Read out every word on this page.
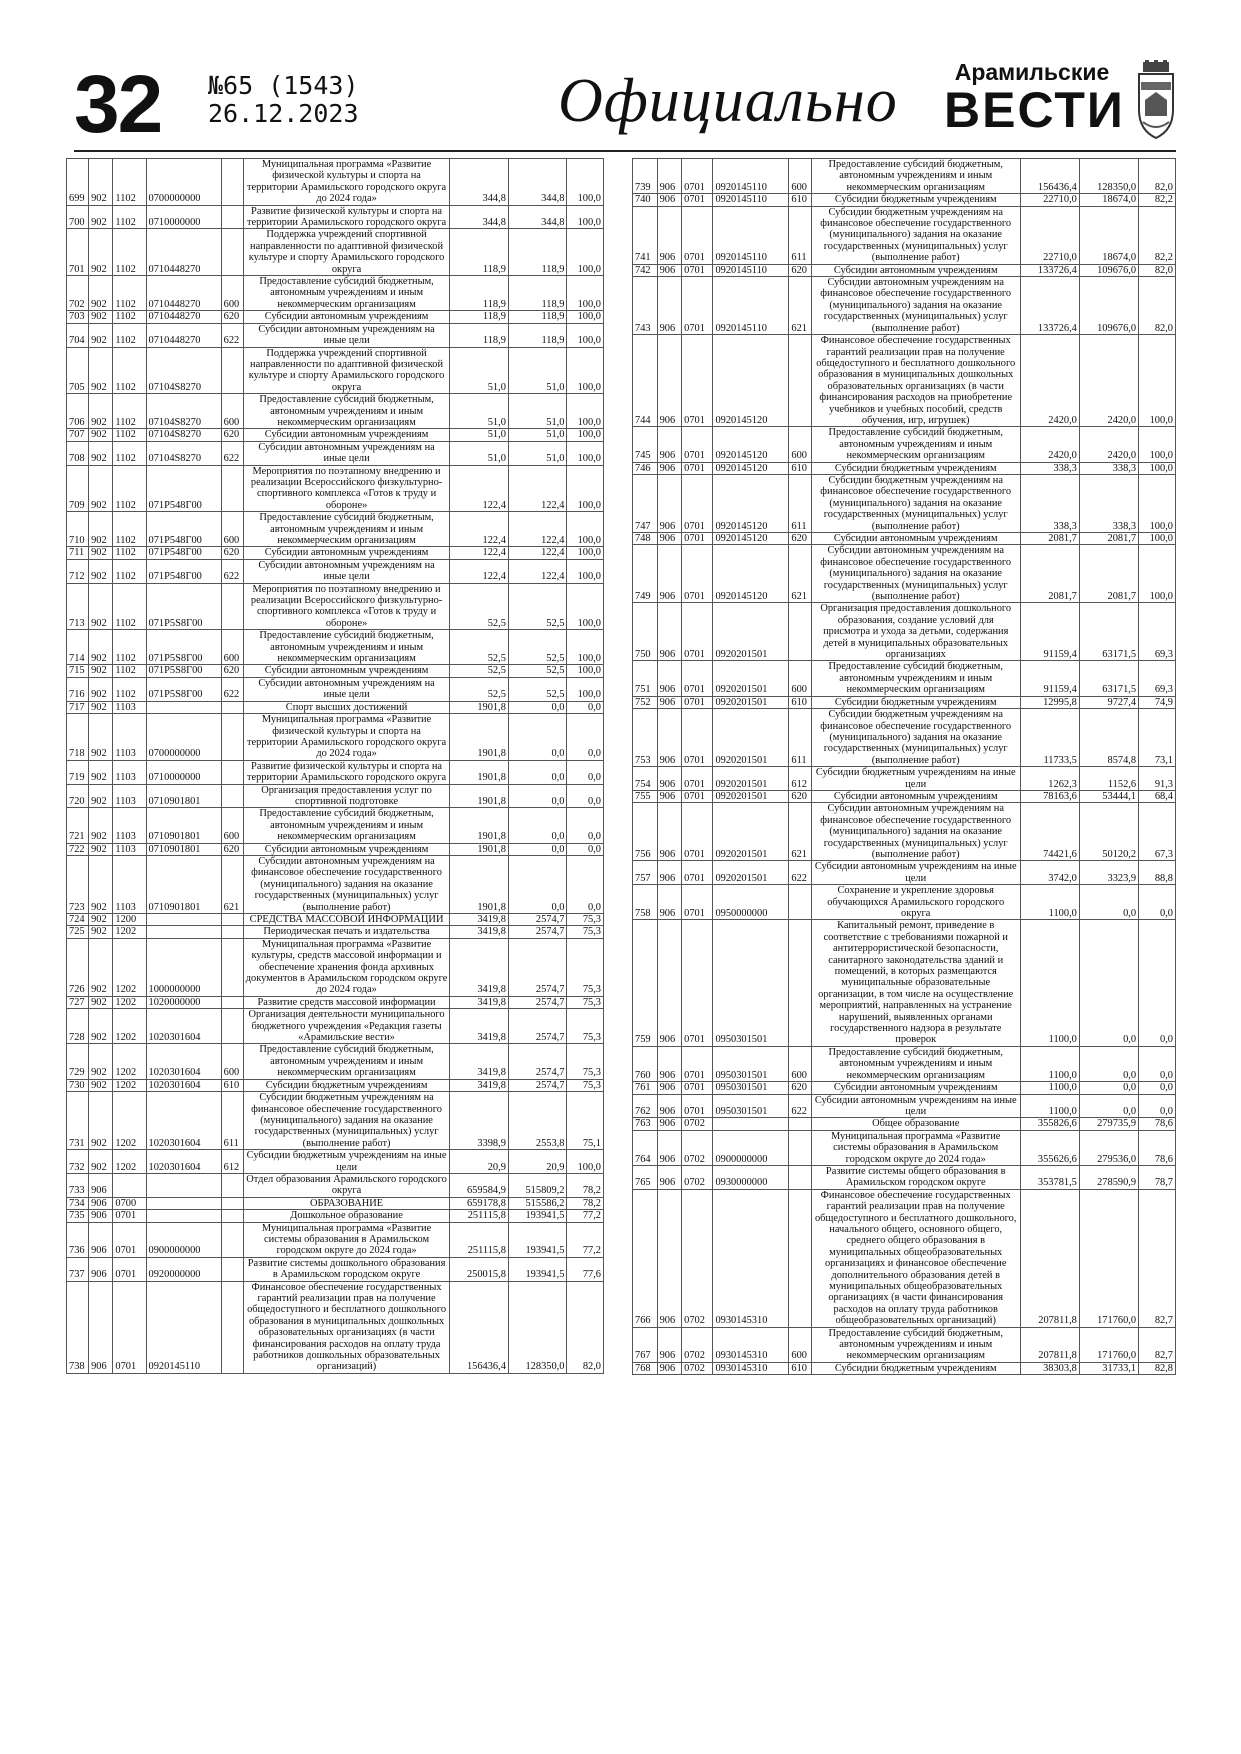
32 №65 (1543)
26.12.2023	Официально	Арамильские
ВЕСТИ
699	902	1102	0700000000		Муниципальная программа «Развитие физической культуры и спорта на территории Арамильского городского округа до 2024 года»	344,8	344,8	100,0
700	902	1102	0710000000		Развитие физической культуры и спорта на территории Арамильского городского округа	344,8	344,8	100,0
701	902	1102	0710448270		Поддержка учреждений спортивной направленности по адаптивной физической культуре и спорту Арамильского городского округа	118,9	118,9	100,0
702	902	1102	0710448270	600	Предоставление субсидий бюджетным, автономным учреждениям и иным некоммерческим организациям	118,9	118,9	100,0
703	902	1102	0710448270	620	Субсидии автономным учреждениям	118,9	118,9	100,0
704	902	1102	0710448270	622	Субсидии автономным учреждениям на иные цели	118,9	118,9	100,0
705	902	1102	07104S8270		Поддержка учреждений спортивной направленности по адаптивной физической культуре и спорту Арамильского городского округа	51,0	51,0	100,0
706	902	1102	07104S8270	600	Предоставление субсидий бюджетным, автономным учреждениям и иным некоммерческим организациям	51,0	51,0	100,0
707	902	1102	07104S8270	620	Субсидии автономным учреждениям	51,0	51,0	100,0
708	902	1102	07104S8270	622	Субсидии автономным учреждениям на иные цели	51,0	51,0	100,0
709	902	1102	071P548Г00		Мероприятия по поэтапному внедрению и реализации Всероссийского физкультурно-спортивного комплекса «Готов к труду и обороне»	122,4	122,4	100,0
710	902	1102	071P548Г00	600	Предоставление субсидий бюджетным, автономным учреждениям и иным некоммерческим организациям	122,4	122,4	100,0
711	902	1102	071P548Г00	620	Субсидии автономным учреждениям	122,4	122,4	100,0
712	902	1102	071P548Г00	622	Субсидии автономным учреждениям на иные цели	122,4	122,4	100,0
713	902	1102	071P5S8Г00		Мероприятия по поэтапному внедрению и реализации Всероссийского физкультурно-спортивного комплекса «Готов к труду и обороне»	52,5	52,5	100,0
714	902	1102	071P5S8Г00	600	Предоставление субсидий бюджетным, автономным учреждениям и иным некоммерческим организациям	52,5	52,5	100,0
715	902	1102	071P5S8Г00	620	Субсидии автономным учреждениям	52,5	52,5	100,0
716	902	1102	071P5S8Г00	622	Субсидии автономным учреждениям на иные цели	52,5	52,5	100,0
717	902	1103			Спорт высших достижений	1901,8	0,0	0,0
718	902	1103	0700000000		Муниципальная программа «Развитие физической культуры и спорта на территории Арамильского городского округа до 2024 года»	1901,8	0,0	0,0
719	902	1103	0710000000		Развитие физической культуры и спорта на территории Арамильского городского округа	1901,8	0,0	0,0
720	902	1103	0710901801		Организация предоставления услуг по спортивной подготовке	1901,8	0,0	0,0
721	902	1103	0710901801	600	Предоставление субсидий бюджетным, автономным учреждениям и иным некоммерческим организациям	1901,8	0,0	0,0
722	902	1103	0710901801	620	Субсидии автономным учреждениям	1901,8	0,0	0,0
723	902	1103	0710901801	621	Субсидии автономным учреждениям на финансовое обеспечение государственного (муниципального) задания на оказание государственных (муниципальных) услуг (выполнение работ)	1901,8	0,0	0,0
724	902	1200			СРЕДСТВА МАССОВОЙ ИНФОРМАЦИИ	3419,8	2574,7	75,3
725	902	1202			Периодическая печать и издательства	3419,8	2574,7	75,3
726	902	1202	1000000000		Муниципальная программа «Развитие культуры, средств массовой информации и обеспечение хранения фонда архивных документов в Арамильском городском округе до 2024 года»	3419,8	2574,7	75,3
727	902	1202	1020000000		Развитие средств массовой информации	3419,8	2574,7	75,3
728	902	1202	1020301604		Организация деятельности муниципального бюджетного учреждения «Редакция газеты «Арамильские вести»	3419,8	2574,7	75,3
729	902	1202	1020301604	600	Предоставление субсидий бюджетным, автономным учреждениям и иным некоммерческим организациям	3419,8	2574,7	75,3
730	902	1202	1020301604	610	Субсидии бюджетным учреждениям	3419,8	2574,7	75,3
731	902	1202	1020301604	611	Субсидии бюджетным учреждениям на финансовое обеспечение государственного (муниципального) задания на оказание государственных (муниципальных) услуг (выполнение работ)	3398,9	2553,8	75,1
732	902	1202	1020301604	612	Субсидии бюджетным учреждениям на иные цели	20,9	20,9	100,0
733	906				Отдел образования Арамильского городского округа	659584,9	515809,2	78,2
734	906	0700			ОБРАЗОВАНИЕ	659178,8	515586,2	78,2
735	906	0701			Дошкольное образование	251115,8	193941,5	77,2
736	906	0701	0900000000		Муниципальная программа «Развитие системы образования в Арамильском городском округе до 2024 года»	251115,8	193941,5	77,2
737	906	0701	0920000000		Развитие системы дошкольного образования в Арамильском городском округе	250015,8	193941,5	77,6
738	906	0701	0920145110		Финансовое обеспечение государственных гарантий реализации прав на получение общедоступного и бесплатного дошкольного образования в муниципальных дошкольных образовательных организациях (в части финансирования расходов на оплату труда работников дошкольных образовательных организаций)	156436,4	128350,0	82,0
739	906	0701	0920145110	600	Предоставление субсидий бюджетным, автономным учреждениям и иным некоммерческим организациям	156436,4	128350,0	82,0
740	906	0701	0920145110	610	Субсидии бюджетным учреждениям	22710,0	18674,0	82,2
741	906	0701	0920145110	611	Субсидии бюджетным учреждениям на финансовое обеспечение государственного (муниципального) задания на оказание государственных (муниципальных) услуг (выполнение работ)	22710,0	18674,0	82,2
742	906	0701	0920145110	620	Субсидии автономным учреждениям	133726,4	109676,0	82,0
743	906	0701	0920145110	621	Субсидии автономным учреждениям на финансовое обеспечение государственного (муниципального) задания на оказание государственных (муниципальных) услуг (выполнение работ)	133726,4	109676,0	82,0
744	906	0701	0920145120		Финансовое обеспечение государственных гарантий реализации прав на получение общедоступного и бесплатного дошкольного образования в муниципальных дошкольных образовательных организациях (в части финансирования расходов на приобретение учебников и учебных пособий, средств обучения, игр, игрушек)	2420,0	2420,0	100,0
745	906	0701	0920145120	600	Предоставление субсидий бюджетным, автономным учреждениям и иным некоммерческим организациям	2420,0	2420,0	100,0
746	906	0701	0920145120	610	Субсидии бюджетным учреждениям	338,3	338,3	100,0
747	906	0701	0920145120	611	Субсидии бюджетным учреждениям на финансовое обеспечение государственного (муниципального) задания на оказание государственных (муниципальных) услуг (выполнение работ)	338,3	338,3	100,0
748	906	0701	0920145120	620	Субсидии автономным учреждениям	2081,7	2081,7	100,0
749	906	0701	0920145120	621	Субсидии автономным учреждениям на финансовое обеспечение государственного (муниципального) задания на оказание государственных (муниципальных) услуг (выполнение работ)	2081,7	2081,7	100,0
750	906	0701	0920201501		Организация предоставления дошкольного образования, создание условий для присмотра и ухода за детьми, содержания детей в муниципальных образовательных организациях	91159,4	63171,5	69,3
751	906	0701	0920201501	600	Предоставление субсидий бюджетным, автономным учреждениям и иным некоммерческим организациям	91159,4	63171,5	69,3
752	906	0701	0920201501	610	Субсидии бюджетным учреждениям	12995,8	9727,4	74,9
753	906	0701	0920201501	611	Субсидии бюджетным учреждениям на финансовое обеспечение государственного (муниципального) задания на оказание государственных (муниципальных) услуг (выполнение работ)	11733,5	8574,8	73,1
754	906	0701	0920201501	612	Субсидии бюджетным учреждениям на иные цели	1262,3	1152,6	91,3
755	906	0701	0920201501	620	Субсидии автономным учреждениям	78163,6	53444,1	68,4
756	906	0701	0920201501	621	Субсидии автономным учреждениям на финансовое обеспечение государственного (муниципального) задания на оказание государственных (муниципальных) услуг (выполнение работ)	74421,6	50120,2	67,3
757	906	0701	0920201501	622	Субсидии автономным учреждениям на иные цели	3742,0	3323,9	88,8
758	906	0701	0950000000		Сохранение и укрепление здоровья обучающихся Арамильского городского округа	1100,0	0,0	0,0
759	906	0701	0950301501		Капитальный ремонт, приведение в соответствие с требованиями пожарной и антитеррористической безопасности, санитарного законодательства зданий и помещений, в которых размещаются муниципальные образовательные организации, в том числе на осуществление мероприятий, направленных на устранение нарушений, выявленных органами государственного надзора в результате проверок	1100,0	0,0	0,0
760	906	0701	0950301501	600	Предоставление субсидий бюджетным, автономным учреждениям и иным некоммерческим организациям	1100,0	0,0	0,0
761	906	0701	0950301501	620	Субсидии автономным учреждениям	1100,0	0,0	0,0
762	906	0701	0950301501	622	Субсидии автономным учреждениям на иные цели	1100,0	0,0	0,0
763	906	0702			Общее образование	355826,6	279735,9	78,6
764	906	0702	0900000000		Муниципальная программа «Развитие системы образования в Арамильском городском округе до 2024 года»	355626,6	279536,0	78,6
765	906	0702	0930000000		Развитие системы общего образования в Арамильском городском округе	353781,5	278590,9	78,7
766	906	0702	0930145310		Финансовое обеспечение государственных гарантий реализации прав на получение общедоступного и бесплатного дошкольного, начального общего, основного общего, среднего общего образования в муниципальных общеобразовательных организациях и финансовое обеспечение дополнительного образования детей в муниципальных общеобразовательных организациях (в части финансирования расходов на оплату труда работников общеобразовательных организаций)	207811,8	171760,0	82,7
767	906	0702	0930145310	600	Предоставление субсидий бюджетным, автономным учреждениям и иным некоммерческим организациям	207811,8	171760,0	82,7
768	906	0702	0930145310	610	Субсидии бюджетным учреждениям	38303,8	31733,1	82,8
